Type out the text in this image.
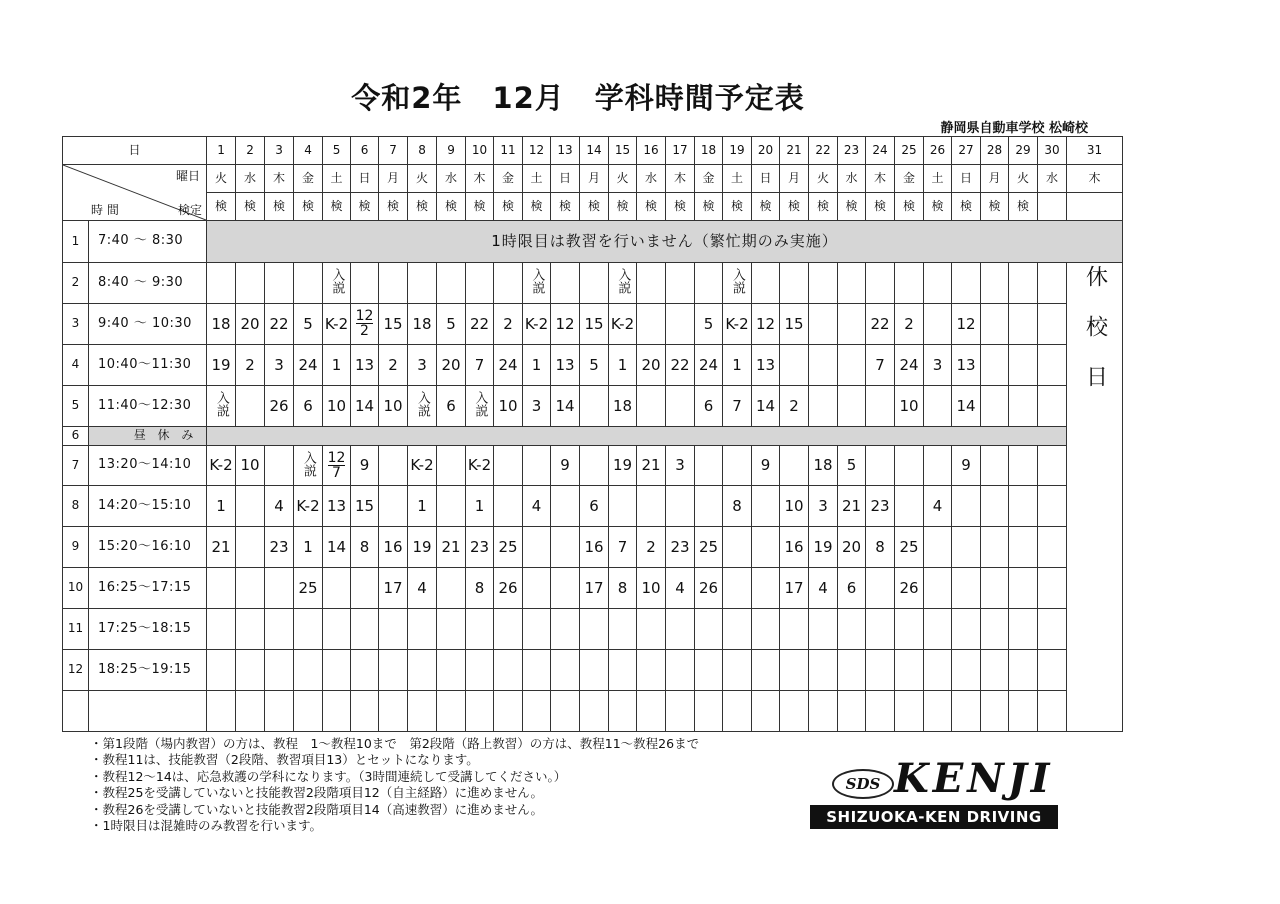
令和2年　12月　学科時間予定表
静岡県自動車学校 松崎校
日		1	2	3	4	5	6	7	8	9	10	11	12	13	14	15	16	17	18	19	20	21	22	23	24	25	26	27	28	29	30	31

曜日
時 間 検定		火	水	木	金	土	日	月	火	水	木	金	土	日	月	火	水	木	金	土	日	月	火	水	木	金	土	日	月	火	水	木
		検	検	検	検	検	検	検	検	検	検	検	検	検	検	検	検	検	検	検	検	検	検	検	検	検	検	検	検	検		
1	7:40 ～ 8:30	1時限目は教習を行いません（繁忙期のみ実施）																														
2	8:40 ～ 9:30					入説							入説			入説				入説												休校日

3	9:40 ～ 10:30	18	20	22	5	K-2	$\frac{12}{2}$	15	18	5	22	2	K-2	12	15	K-2			5	K-2	12	15			22	2		12				
4	10:40～11:30	19	2	3	24	1	13	2	3	20	7	24	1	13	5	1	20	22	24	1	13				7	24	3	13				
5	11:40～12:30	入説		26	6	10	14	10	入説	6	入説	10	3	14		18			6	7	14	2				10		14				
6	昼 休 み																															
7	13:20～14:10	K-2	10		入説	$\frac{12}{7}$	9		K-2		K-2			9		19	21	3			9		18	5				9				
8	14:20～15:10	1		4	K-2	13	15		1		1		4		6					8		10	3	21	23		4					
9	15:20～16:10	21		23	1	14	8	16	19	21	23	25			16	7	2	23	25			16	19	20	8	25						
10	16:25～17:15				25			17	4		8	26			17	8	10	4	26			17	4	6		26						
11	17:25～18:15																															
12	18:25～19:15																															

・第1段階（場内教習）の方は、教程　1～教程10まで　第2段階（路上教習）の方は、教程11～教程26まで
・教程11は、技能教習（2段階、教習項目13）とセットになります。
・教程12～14は、応急救護の学科になります。（3時間連続して受講してください。）
・教程25を受講していないと技能教習2段階項目12（自主経路）に進めません。
・教程26を受講していないと技能教習2段階項目14（高速教習）に進めません。
・1時限目は混雑時のみ教習を行います。
SDS KENJI
SHIZUOKA-KEN DRIVING SCHOOL
